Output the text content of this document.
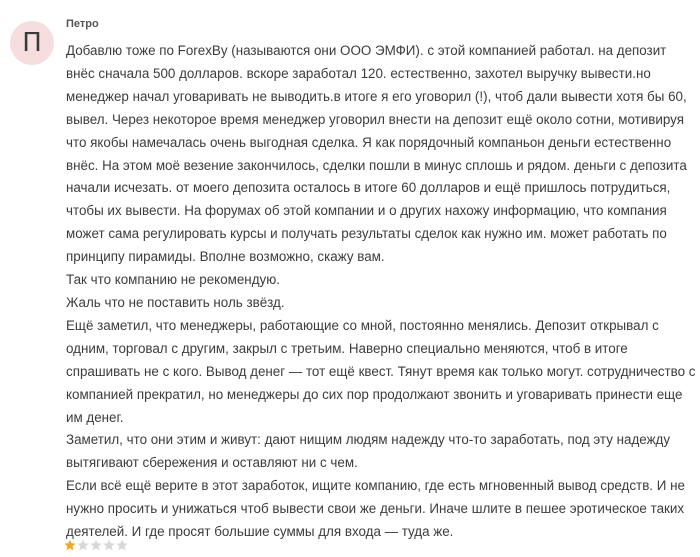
П
Петро

Добавлю тоже по ForexBy (называются они ООО ЭМФИ). с этой компанией работал. на депозит внёс сначала 500 долларов. вскоре заработал 120. естественно, захотел выручку вывести.но менеджер начал уговаривать не выводить.в итоге я его уговорил (!), чтоб дали вывести хотя бы 60, вывел. Через некоторое время менеджер уговорил внести на депозит ещё около сотни, мотивируя что якобы намечалась очень выгодная сделка. Я как порядочный компаньон деньги естественно внёс. На этом моё везение закончилось, сделки пошли в минус сплошь и рядом. деньги с депозита начали исчезать. от моего депозита осталось в итоге 60 долларов и ещё пришлось потрудиться, чтобы их вывести. На форумах об этой компании и о других нахожу информацию, что компания может сама регулировать курсы и получать результаты сделок как нужно им. может работать по принципу пирамиды. Вполне возможно, скажу вам.

Так что компанию не рекомендую.

Жаль что не поставить ноль звёзд.

Ещё заметил, что менеджеры, работающие со мной, постоянно менялись. Депозит открывал с одним, торговал с другим, закрыл с третьим. Наверно специально меняются, чтоб в итоге спрашивать не с кого. Вывод денег — тот ещё квест. Тянут время как только могут. сотрудничество с компанией прекратил, но менеджеры до сих пор продолжают звонить и уговаривать принести еще им денег.

Заметил, что они этим и живут: дают нищим людям надежду что-то заработать, под эту надежду вытягивают сбережения и оставляют ни с чем.

Если всё ещё верите в этот заработок, ищите компанию, где есть мгновенный вывод средств. И не нужно просить и унижаться чтоб вывести свои же деньги. Иначе шлите в пешее эротическое таких деятелей. И где просят большие суммы для входа — туда же.
